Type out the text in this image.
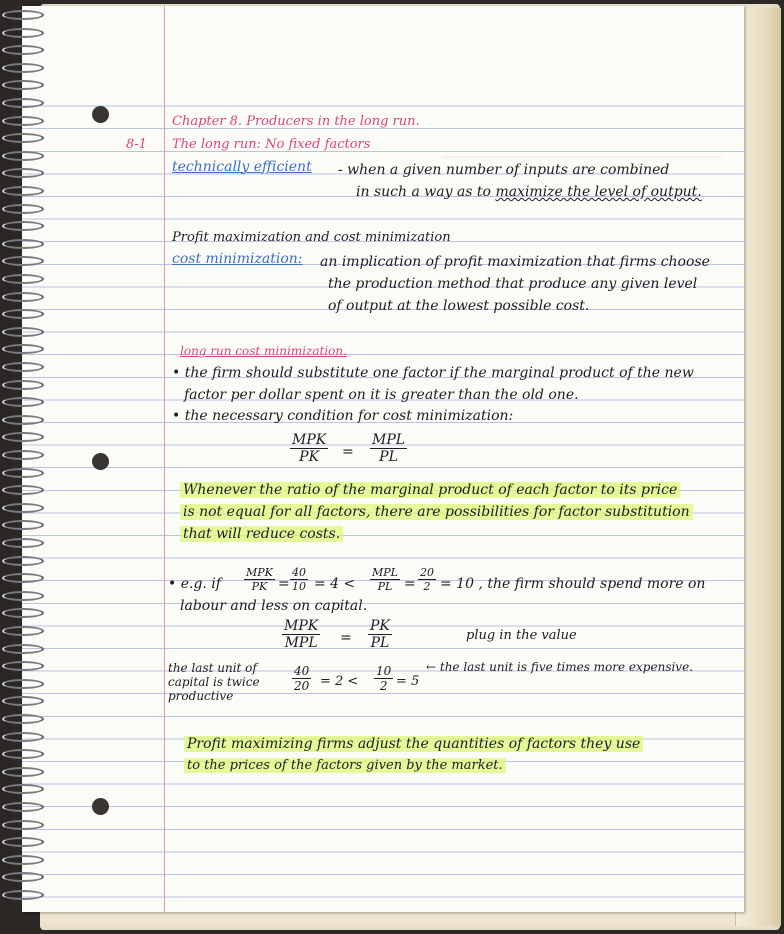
Chapter 8. Producers in the long run.
8-1 The long run: No fixed factors
technically efficient - when a given number of inputs are combined
in such a way as to maximize the level of output.
Profit maximization and cost minimization
cost minimization: an implication of profit maximization that firms choose
the production method that produce any given level
of output at the lowest possible cost.
long run cost minimization.
• the firm should substitute one factor if the marginal product of the new
factor per dollar spent on it is greater than the old one.
• the necessary condition for cost minimization:
MPK
PK	=
MPL
PL
Whenever the ratio of the marginal product of each factor to its price
is not equal for all factors, there are possibilities for factor substitution
that will reduce costs.
• e.g. if
MPK
PK = $\frac{40}{10} = 4$ <
MPL
PL = $\frac{20}{2} = 10$ , the firm should spend more on
labour and less on capital.
MPK
MPL = $\frac{PK}{PL}$	plug in the value
the last unit of
capital is twice
productive
$\frac{40}{20} = 2 < \frac{10}{2} = 5$
← the last unit is five times more expensive.
Profit maximizing firms adjust the quantities of factors they use
to the prices of the factors given by the market.
